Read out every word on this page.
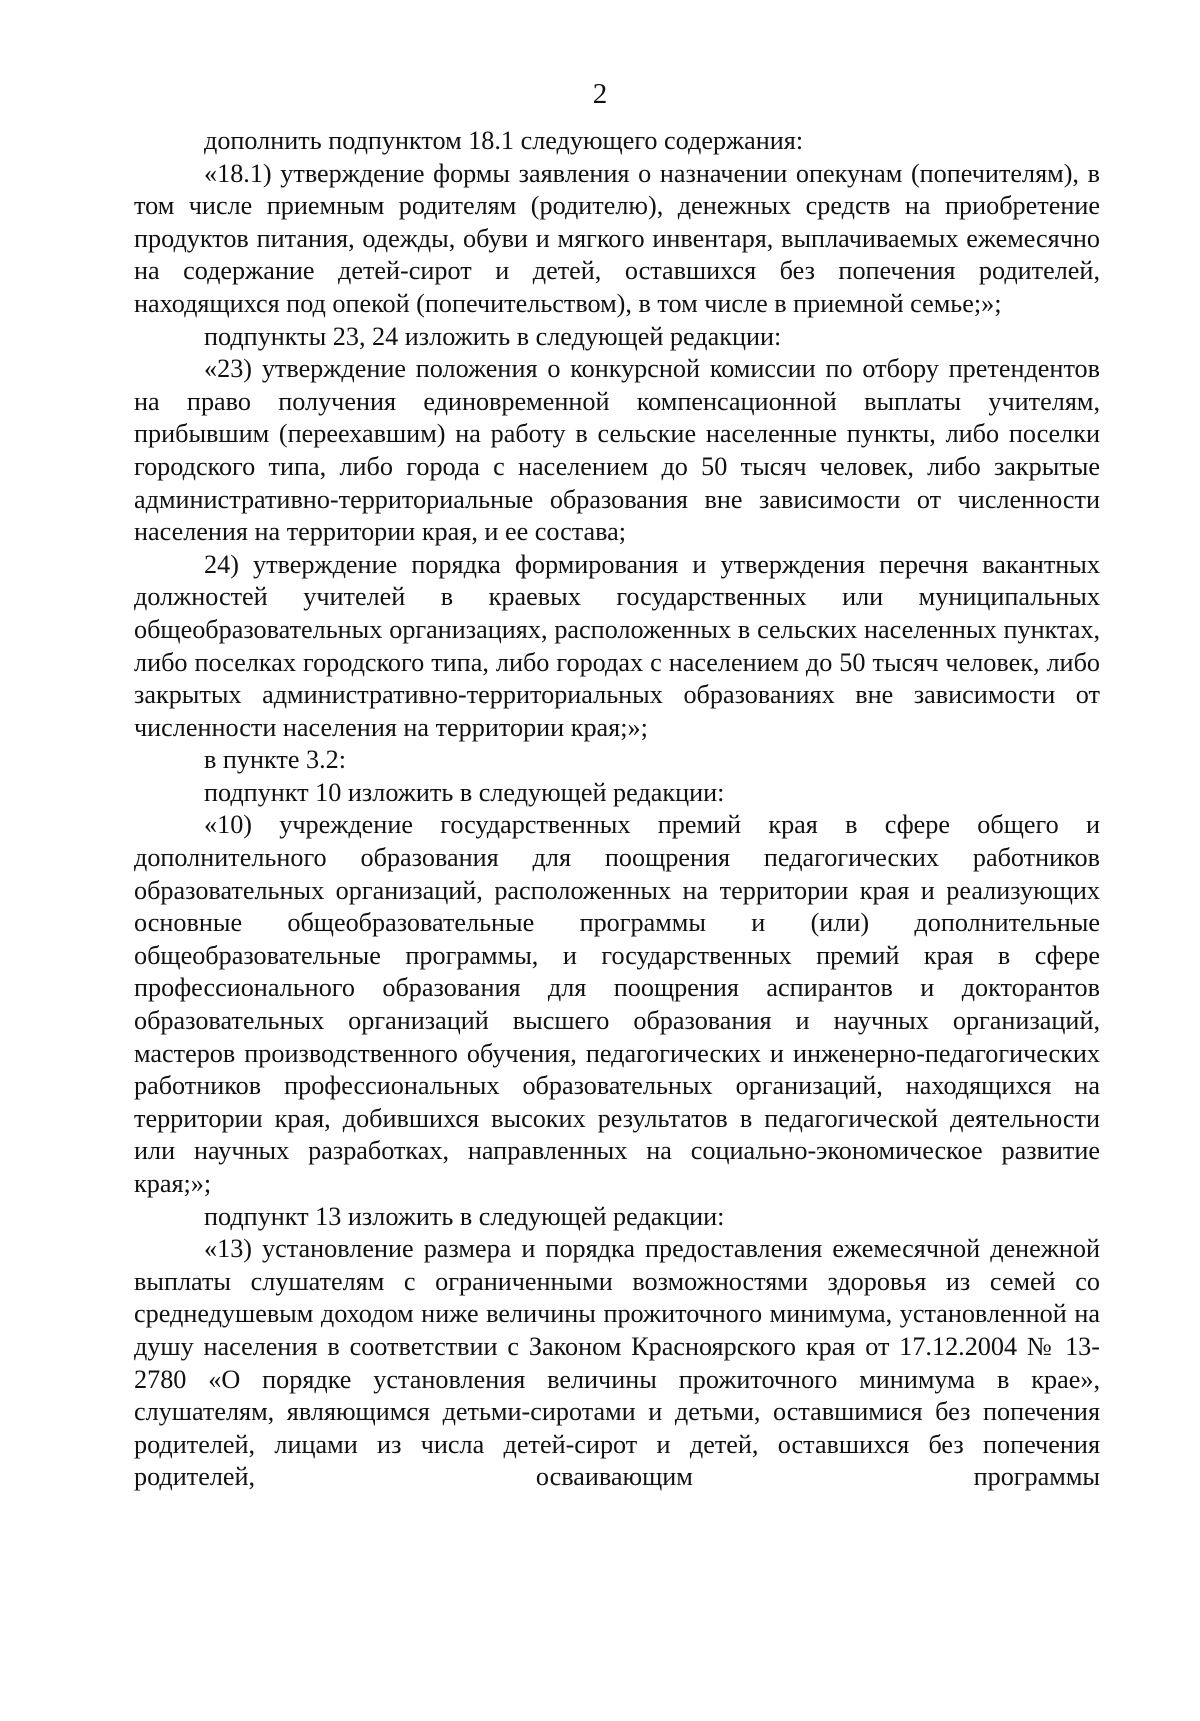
2

дополнить подпунктом 18.1 следующего содержания:

«18.1) утверждение формы заявления о назначении опекунам (попечителям), в том числе приемным родителям (родителю), денежных средств на приобретение продуктов питания, одежды, обуви и мягкого инвентаря, выплачиваемых ежемесячно на содержание детей-сирот и детей, оставшихся без попечения родителей, находящихся под опекой (попечительством), в том числе в приемной семье;»;

подпункты 23, 24 изложить в следующей редакции:

«23) утверждение положения о конкурсной комиссии по отбору претендентов на право получения единовременной компенсационной выплаты учителям, прибывшим (переехавшим) на работу в сельские населенные пункты, либо поселки городского типа, либо города с населением до 50 тысяч человек, либо закрытые административно-территориальные образования вне зависимости от численности населения на территории края, и ее состава;

24) утверждение порядка формирования и утверждения перечня вакантных должностей учителей в краевых государственных или муниципальных общеобразовательных организациях, расположенных в сельских населенных пунктах, либо поселках городского типа, либо городах с населением до 50 тысяч человек, либо закрытых административно-территориальных образованиях вне зависимости от численности населения на территории края;»;

в пункте 3.2:

подпункт 10 изложить в следующей редакции:

«10) учреждение государственных премий края в сфере общего и дополнительного образования для поощрения педагогических работников образовательных организаций, расположенных на территории края и реализующих основные общеобразовательные программы и (или) дополнительные общеобразовательные программы, и государственных премий края в сфере профессионального образования для поощрения аспирантов и докторантов образовательных организаций высшего образования и научных организаций, мастеров производственного обучения, педагогических и инженерно-педагогических работников профессиональных образовательных организаций, находящихся на территории края, добившихся высоких результатов в педагогической деятельности или научных разработках, направленных на социально-экономическое развитие края;»;

подпункт 13 изложить в следующей редакции:

«13) установление размера и порядка предоставления ежемесячной денежной выплаты слушателям с ограниченными возможностями здоровья из семей со среднедушевым доходом ниже величины прожиточного минимума, установленной на душу населения в соответствии с Законом Красноярского края от 17.12.2004 № 13-2780 «О порядке установления величины прожиточного минимума в крае», слушателям, являющимся детьми-сиротами и детьми, оставшимися без попечения родителей, лицами из числа детей-сирот и детей, оставшихся без попечения родителей, осваивающим программы
